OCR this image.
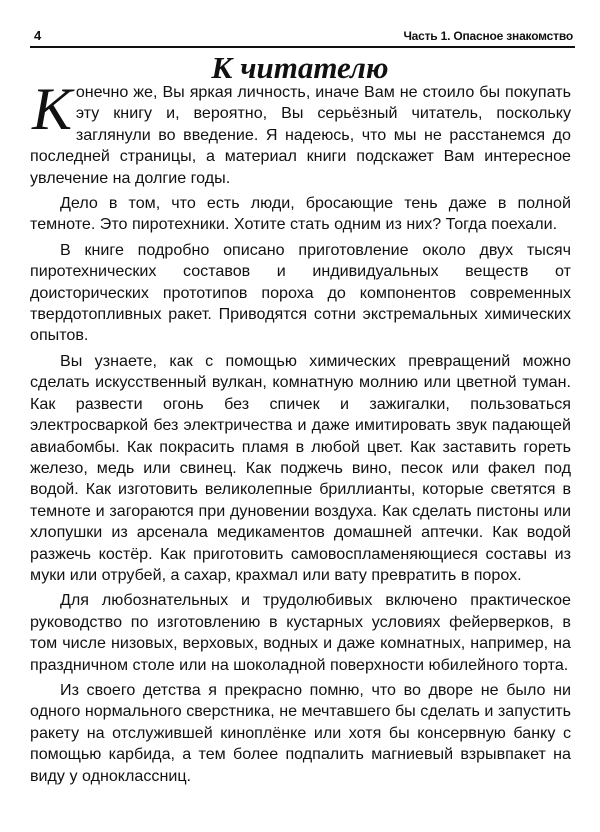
4	Часть 1. Опасное знакомство
К читателю

Конечно же, Вы яркая личность, иначе Вам не стоило бы покупать эту книгу и, вероятно, Вы серьёзный читатель, поскольку заглянули во введение. Я надеюсь, что мы не расстанемся до последней страницы, а материал книги подскажет Вам интересное увлечение на долгие годы.

Дело в том, что есть люди, бросающие тень даже в полной темноте. Это пиротехники. Хотите стать одним из них? Тогда поехали.

В книге подробно описано приготовление около двух тысяч пиротехнических составов и индивидуальных веществ от доисторических прототипов пороха до компонентов современных твердотопливных ракет. Приводятся сотни экстремальных химических опытов.

Вы узнаете, как с помощью химических превращений можно сделать искусственный вулкан, комнатную молнию или цветной туман. Как развести огонь без спичек и зажигалки, пользоваться электросваркой без электричества и даже имитировать звук падающей авиабомбы. Как покрасить пламя в любой цвет. Как заставить гореть железо, медь или свинец. Как поджечь вино, песок или факел под водой. Как изготовить великолепные бриллианты, которые светятся в темноте и загораются при дуновении воздуха. Как сделать пистоны или хлопушки из арсенала медикаментов домашней аптечки. Как водой разжечь костёр. Как приготовить самовоспламеняющиеся составы из муки или отрубей, а сахар, крахмал или вату превратить в порох.

Для любознательных и трудолюбивых включено практическое руководство по изготовлению в кустарных условиях фейерверков, в том числе низовых, верховых, водных и даже комнатных, например, на праздничном столе или на шоколадной поверхности юбилейного торта.

Из своего детства я прекрасно помню, что во дворе не было ни одного нормального сверстника, не мечтавшего бы сделать и запустить ракету на отслужившей киноплёнке или хотя бы консервную банку с помощью карбида, а тем более подпалить магниевый взрывпакет на виду у одноклассниц.
